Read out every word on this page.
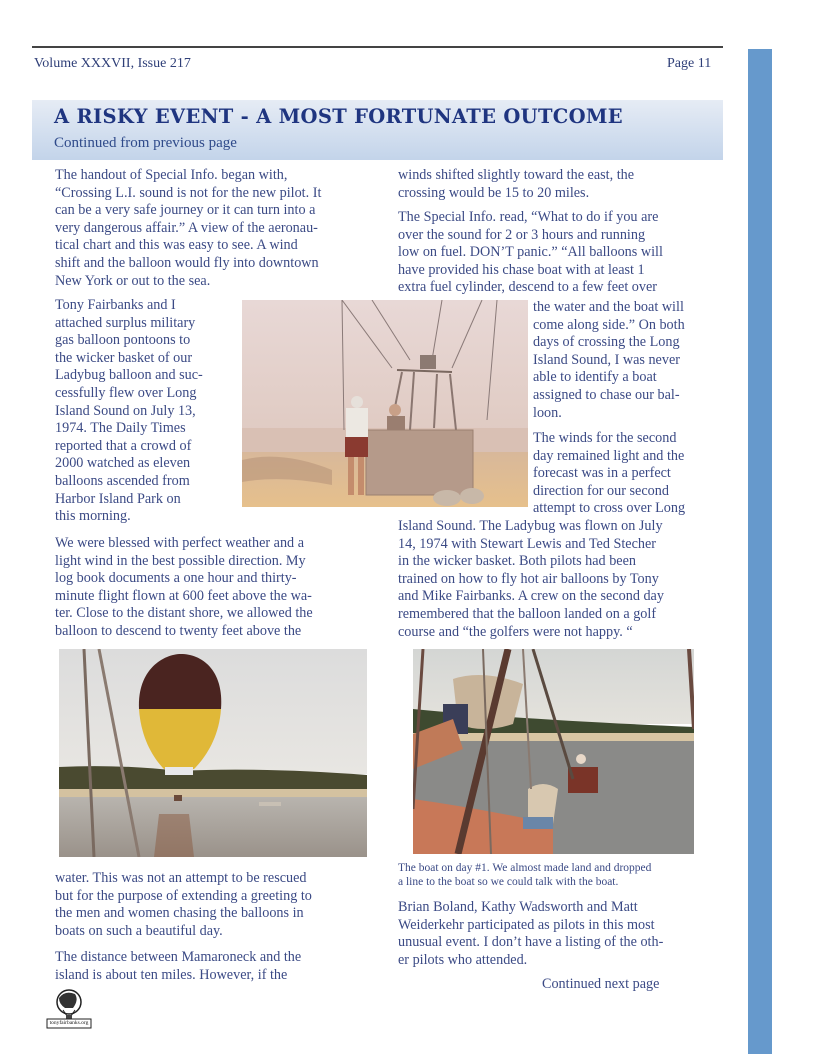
Volume XXXVII, Issue 217	Page 11
A RISKY EVENT - A MOST FORTUNATE OUTCOME
Continued from previous page

The handout of Special Info. began with,
“Crossing L.I. sound is not for the new pilot. It
can be a very safe journey or it can turn into a
very dangerous affair.” A view of the aeronau-
tical chart and this was easy to see. A wind
shift and the balloon would fly into downtown
New York or out to the sea.

Tony Fairbanks and I
attached surplus military
gas balloon pontoons to
the wicker basket of our
Ladybug balloon and suc-
cessfully flew over Long
Island Sound on July 13,
1974. The Daily Times
reported that a crowd of
2000 watched as eleven
balloons ascended from
Harbor Island Park on
this morning.

We were blessed with perfect weather and a
light wind in the best possible direction. My
log book documents a one hour and thirty-
minute flight flown at 600 feet above the wa-
ter. Close to the distant shore, we allowed the
balloon to descend to twenty feet above the

winds shifted slightly toward the east, the
crossing would be 15 to 20 miles.

The Special Info. read, “What to do if you are
over the sound for 2 or 3 hours and running
low on fuel. DON’T panic.” “All balloons will
have provided his chase boat with at least 1
extra fuel cylinder, descend to a few feet over

the water and the boat will
come along side.” On both
days of crossing the Long
Island Sound, I was never
able to identify a boat
assigned to chase our bal-
loon.

The winds for the second
day remained light and the
forecast was in a perfect
direction for our second
attempt to cross over Long

Island Sound. The Ladybug was flown on July
14, 1974 with Stewart Lewis and Ted Stecher
in the wicker basket. Both pilots had been
trained on how to fly hot air balloons by Tony
and Mike Fairbanks. A crew on the second day
remembered that the balloon landed on a golf
course and “the golfers were not happy. “

The boat on day #1. We almost made land and dropped
a line to the boat so we could talk with the boat.

water. This was not an attempt to be rescued
but for the purpose of extending a greeting to
the men and women chasing the balloons in
boats on such a beautiful day.

The distance between Mamaroneck and the
island is about ten miles. However, if the

Brian Boland, Kathy Wadsworth and Matt
Weiderkehr participated as pilots in this most
unusual event. I don’t have a listing of the oth-
er pilots who attended.

Continued next page

tonyfairbanks.org
